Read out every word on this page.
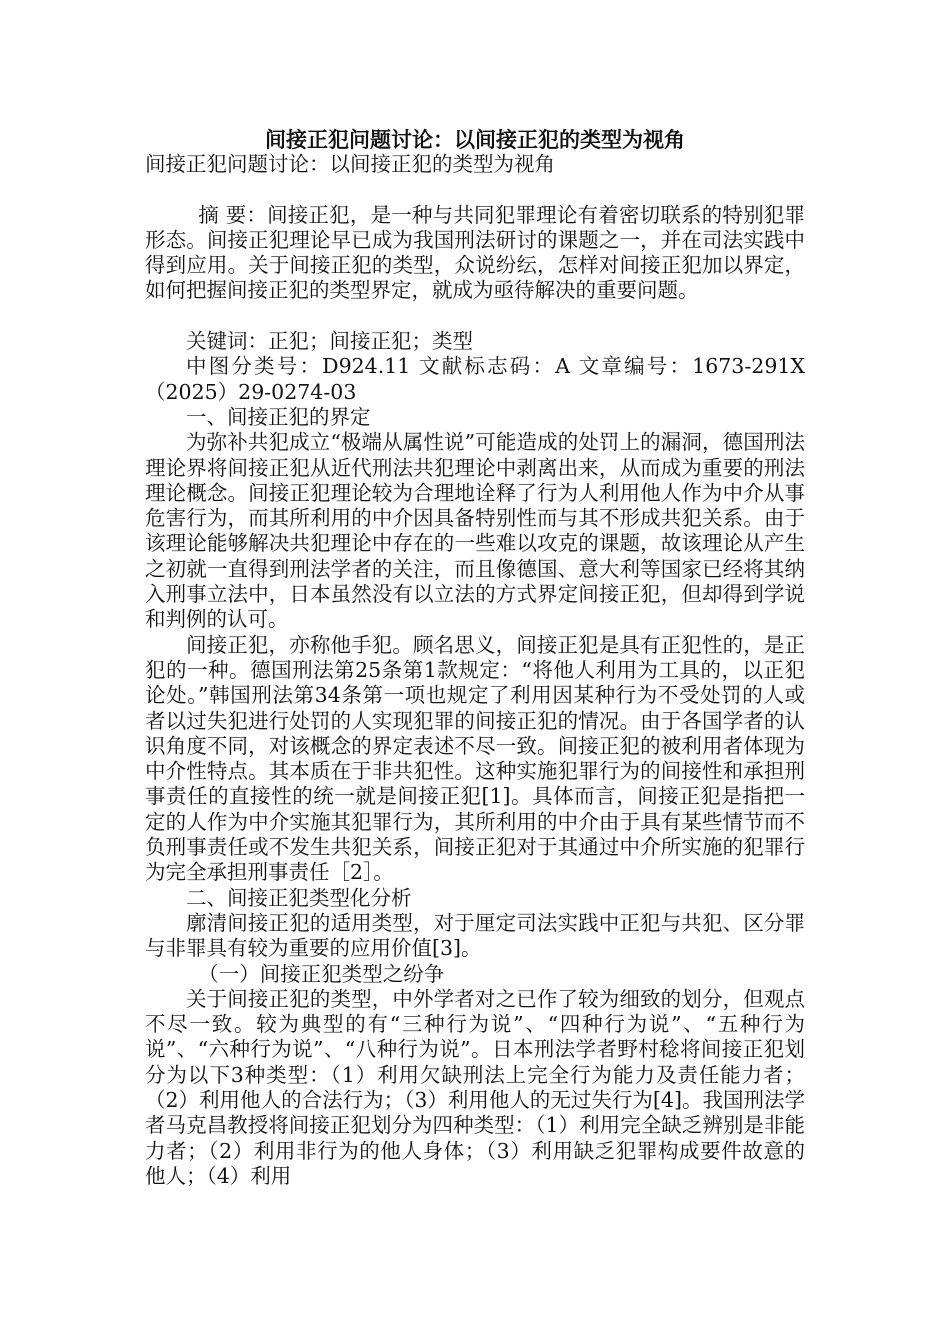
间接正犯问题讨论：以间接正犯的类型为视角

间接正犯问题讨论：以间接正犯的类型为视角

摘 要：间接正犯，是一种与共同犯罪理论有着密切联系的特别犯罪形态。间接正犯理论早已成为我国刑法研讨的课题之一，并在司法实践中得到应用。关于间接正犯的类型，众说纷纭，怎样对间接正犯加以界定，如何把握间接正犯的类型界定，就成为亟待解决的重要问题。

关键词：正犯；间接正犯；类型

中图分类号：D924.11 文献标志码：A 文章编号：1673-291X（2025）29-0274-03

一、间接正犯的界定

为弥补共犯成立“极端从属性说”可能造成的处罚上的漏洞，德国刑法理论界将间接正犯从近代刑法共犯理论中剥离出来，从而成为重要的刑法理论概念。间接正犯理论较为合理地诠释了行为人利用他人作为中介从事危害行为，而其所利用的中介因具备特别性而与其不形成共犯关系。由于该理论能够解决共犯理论中存在的一些难以攻克的课题，故该理论从产生之初就一直得到刑法学者的关注，而且像德国、意大利等国家已经将其纳入刑事立法中，日本虽然没有以立法的方式界定间接正犯，但却得到学说和判例的认可。

间接正犯，亦称他手犯。顾名思义，间接正犯是具有正犯性的，是正犯的一种。德国刑法第25条第1款规定：“将他人利用为工具的，以正犯论处。”韩国刑法第34条第一项也规定了利用因某种行为不受处罚的人或者以过失犯进行处罚的人实现犯罪的间接正犯的情况。由于各国学者的认识角度不同，对该概念的界定表述不尽一致。间接正犯的被利用者体现为中介性特点。其本质在于非共犯性。这种实施犯罪行为的间接性和承担刑事责任的直接性的统一就是间接正犯[1]。具体而言，间接正犯是指把一定的人作为中介实施其犯罪行为，其所利用的中介由于具有某些情节而不负刑事责任或不发生共犯关系，间接正犯对于其通过中介所实施的犯罪行为完全承担刑事责任［2］。

二、间接正犯类型化分析

廓清间接正犯的适用类型，对于厘定司法实践中正犯与共犯、区分罪与非罪具有较为重要的应用价值[3]。

（一）间接正犯类型之纷争

关于间接正犯的类型，中外学者对之已作了较为细致的划分，但观点不尽一致。较为典型的有“三种行为说”、“四种行为说”、“五种行为说”、“六种行为说”、“八种行为说”。日本刑法学者野村稔将间接正犯划分为以下3种类型：（1）利用欠缺刑法上完全行为能力及责任能力者；（2）利用他人的合法行为；（3）利用他人的无过失行为[4]。我国刑法学者马克昌教授将间接正犯划分为四种类型：（1）利用完全缺乏辨别是非能力者；（2）利用非行为的他人身体；（3）利用缺乏犯罪构成要件故意的他人；（4）利用
